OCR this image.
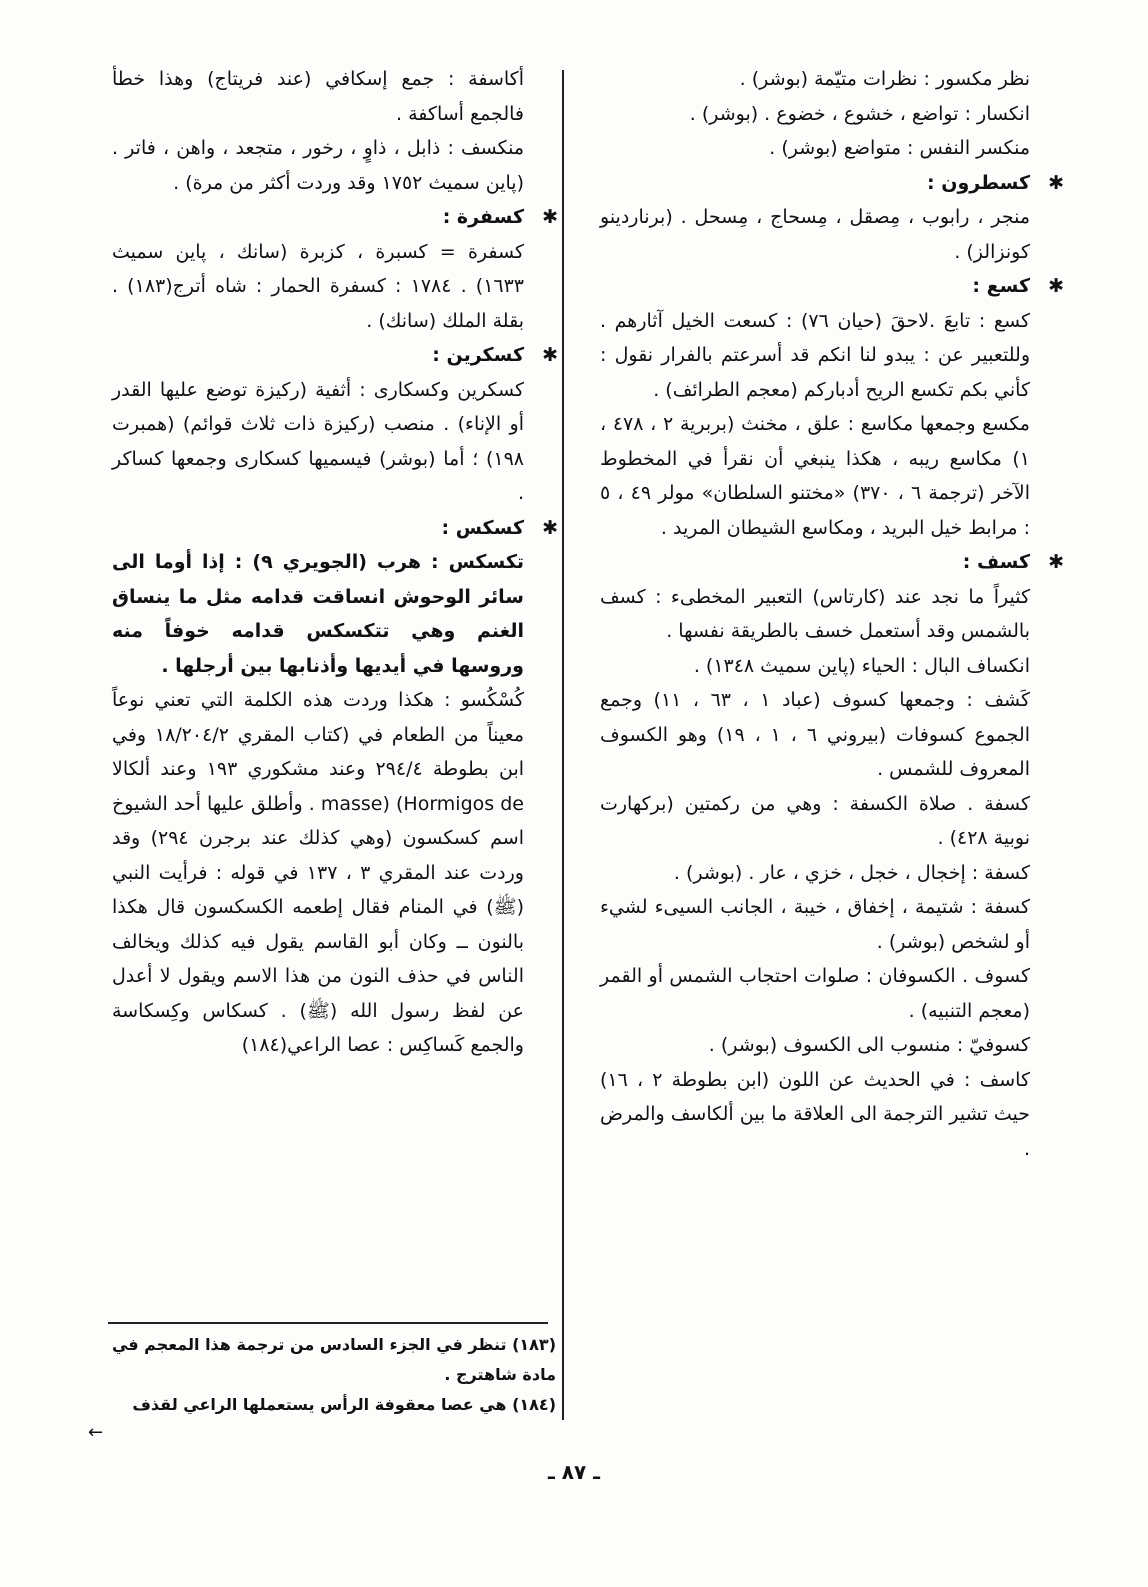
نظر مكسور : نظرات متيّمة (بوشر) .

انكسار : تواضع ، خشوع ، خضوع . (بوشر) .

منكسر النفس : متواضع (بوشر) .

✱
كسطرون :

منجر ، رابوب ، مِصقل ، مِسحاج ، مِسحل . (برناردينو كونزالز) .

✱
كسع :

كسع : تابعَ .لاحقَ (حيان ٧٦) : كسعت الخيل آثارهم . وللتعبير عن : يبدو لنا انكم قد أسرعتم بالفرار نقول : كأني بكم تكسع الريح أدباركم (معجم الطرائف) .

مكسع وجمعها مكاسع : علق ، مخنث (بربرية ٢ ، ٤٧٨ ، ١) مكاسع ريبه ، هكذا ينبغي أن نقرأ في المخطوط الآخر (ترجمة ٦ ، ٣٧٠) «مختنو السلطان» مولر ٤٩ ، ٥ : مرابط خيل البريد ، ومكاسع الشيطان المريد .

✱
كسف :

كثيراً ما نجد عند (كارتاس) التعبير المخطىء : كسف بالشمس وقد أستعمل خسف بالطريقة نفسها .

انكساف البال : الحياء (پاين سميث ١٣٤٨) .

كَشف : وجمعها كسوف (عباد ١ ، ٦٣ ، ١١) وجمع الجموع كسوفات (بيروني ٦ ، ١ ، ١٩) وهو الكسوف المعروف للشمس .

كسفة . صلاة الكسفة : وهي من ركمتين (بركهارت نوبية ٤٢٨) .

كسفة : إخجال ، خجل ، خزي ، عار . (بوشر) .

كسفة : شتيمة ، إخفاق ، خيبة ، الجانب السيىء لشيء أو لشخص (بوشر) .

كسوف . الكسوفان : صلوات احتجاب الشمس أو القمر (معجم التنبيه) .

كسوفيّ : منسوب الى الكسوف (بوشر) .

كاسف : في الحديث عن اللون (ابن بطوطة ٢ ، ١٦) حيث تشير الترجمة الى العلاقة ما بين ألكاسف والمرض .

أكاسفة : جمع إسكافي (عند فريتاج) وهذا خطأ فالجمع أساكفة .

منكسف : ذابل ، ذاوٍ ، رخور ، متجعد ، واهن ، فاتر . (پاين سميث ١٧٥٢ وقد وردت أكثر من مرة) .

✱
كسفرة :

كسفرة = كسبرة ، كزبرة (سانك ، پاين سميث ١٦٣٣) . ١٧٨٤ : كسفرة الحمار : شاه أترج(١٨٣) . بقلة الملك (سانك) .

✱
كسكرين :

كسكرين وكسكارى : أثفية (ركيزة توضع عليها القدر أو الإناء) . منصب (ركيزة ذات ثلاث قوائم) (همبرت ١٩٨) ؛ أما (بوشر) فيسميها كسكارى وجمعها كساكر .

✱
كسكس :

تكسكس : هرب (الجويري ٩) : إذا أوما الى سائر الوحوش انساقت قدامه مثل ما ينساق الغنم وهي تتكسكس قدامه خوفاً منه وروسها في أيديها وأذنابها بين أرجلها .

كُسْكُسو : هكذا وردت هذه الكلمة التي تعني نوعاً معيناً من الطعام في (كتاب المقري ١٨/٢٠٤/٢ وفي ابن بطوطة ٢٩٤/٤ وعند مشكوري ١٩٣ وعند ألكالا Hormigos de) (masse . وأطلق عليها أحد الشيوخ اسم كسكسون (وهي كذلك عند برجرن ٢٩٤) وقد وردت عند المقري ٣ ، ١٣٧ في قوله : فرأيت النبي (ﷺ) في المنام فقال إطعمه الكسكسون قال هكذا بالنون ــ وكان أبو القاسم يقول فيه كذلك ويخالف الناس في حذف النون من هذا الاسم ويقول لا أعدل عن لفظ رسول الله (ﷺ) . كسكاس وكِسكاسة والجمع كَساكِس : عصا الراعي(١٨٤)

(١٨٣) تنظر في الجزء السادس من ترجمة هذا المعجم في مادة شاهترج .

(١٨٤) هي عصا معقوفة الرأس يستعملها الراعي لقذف

←
ـ ٨٧ ـ
